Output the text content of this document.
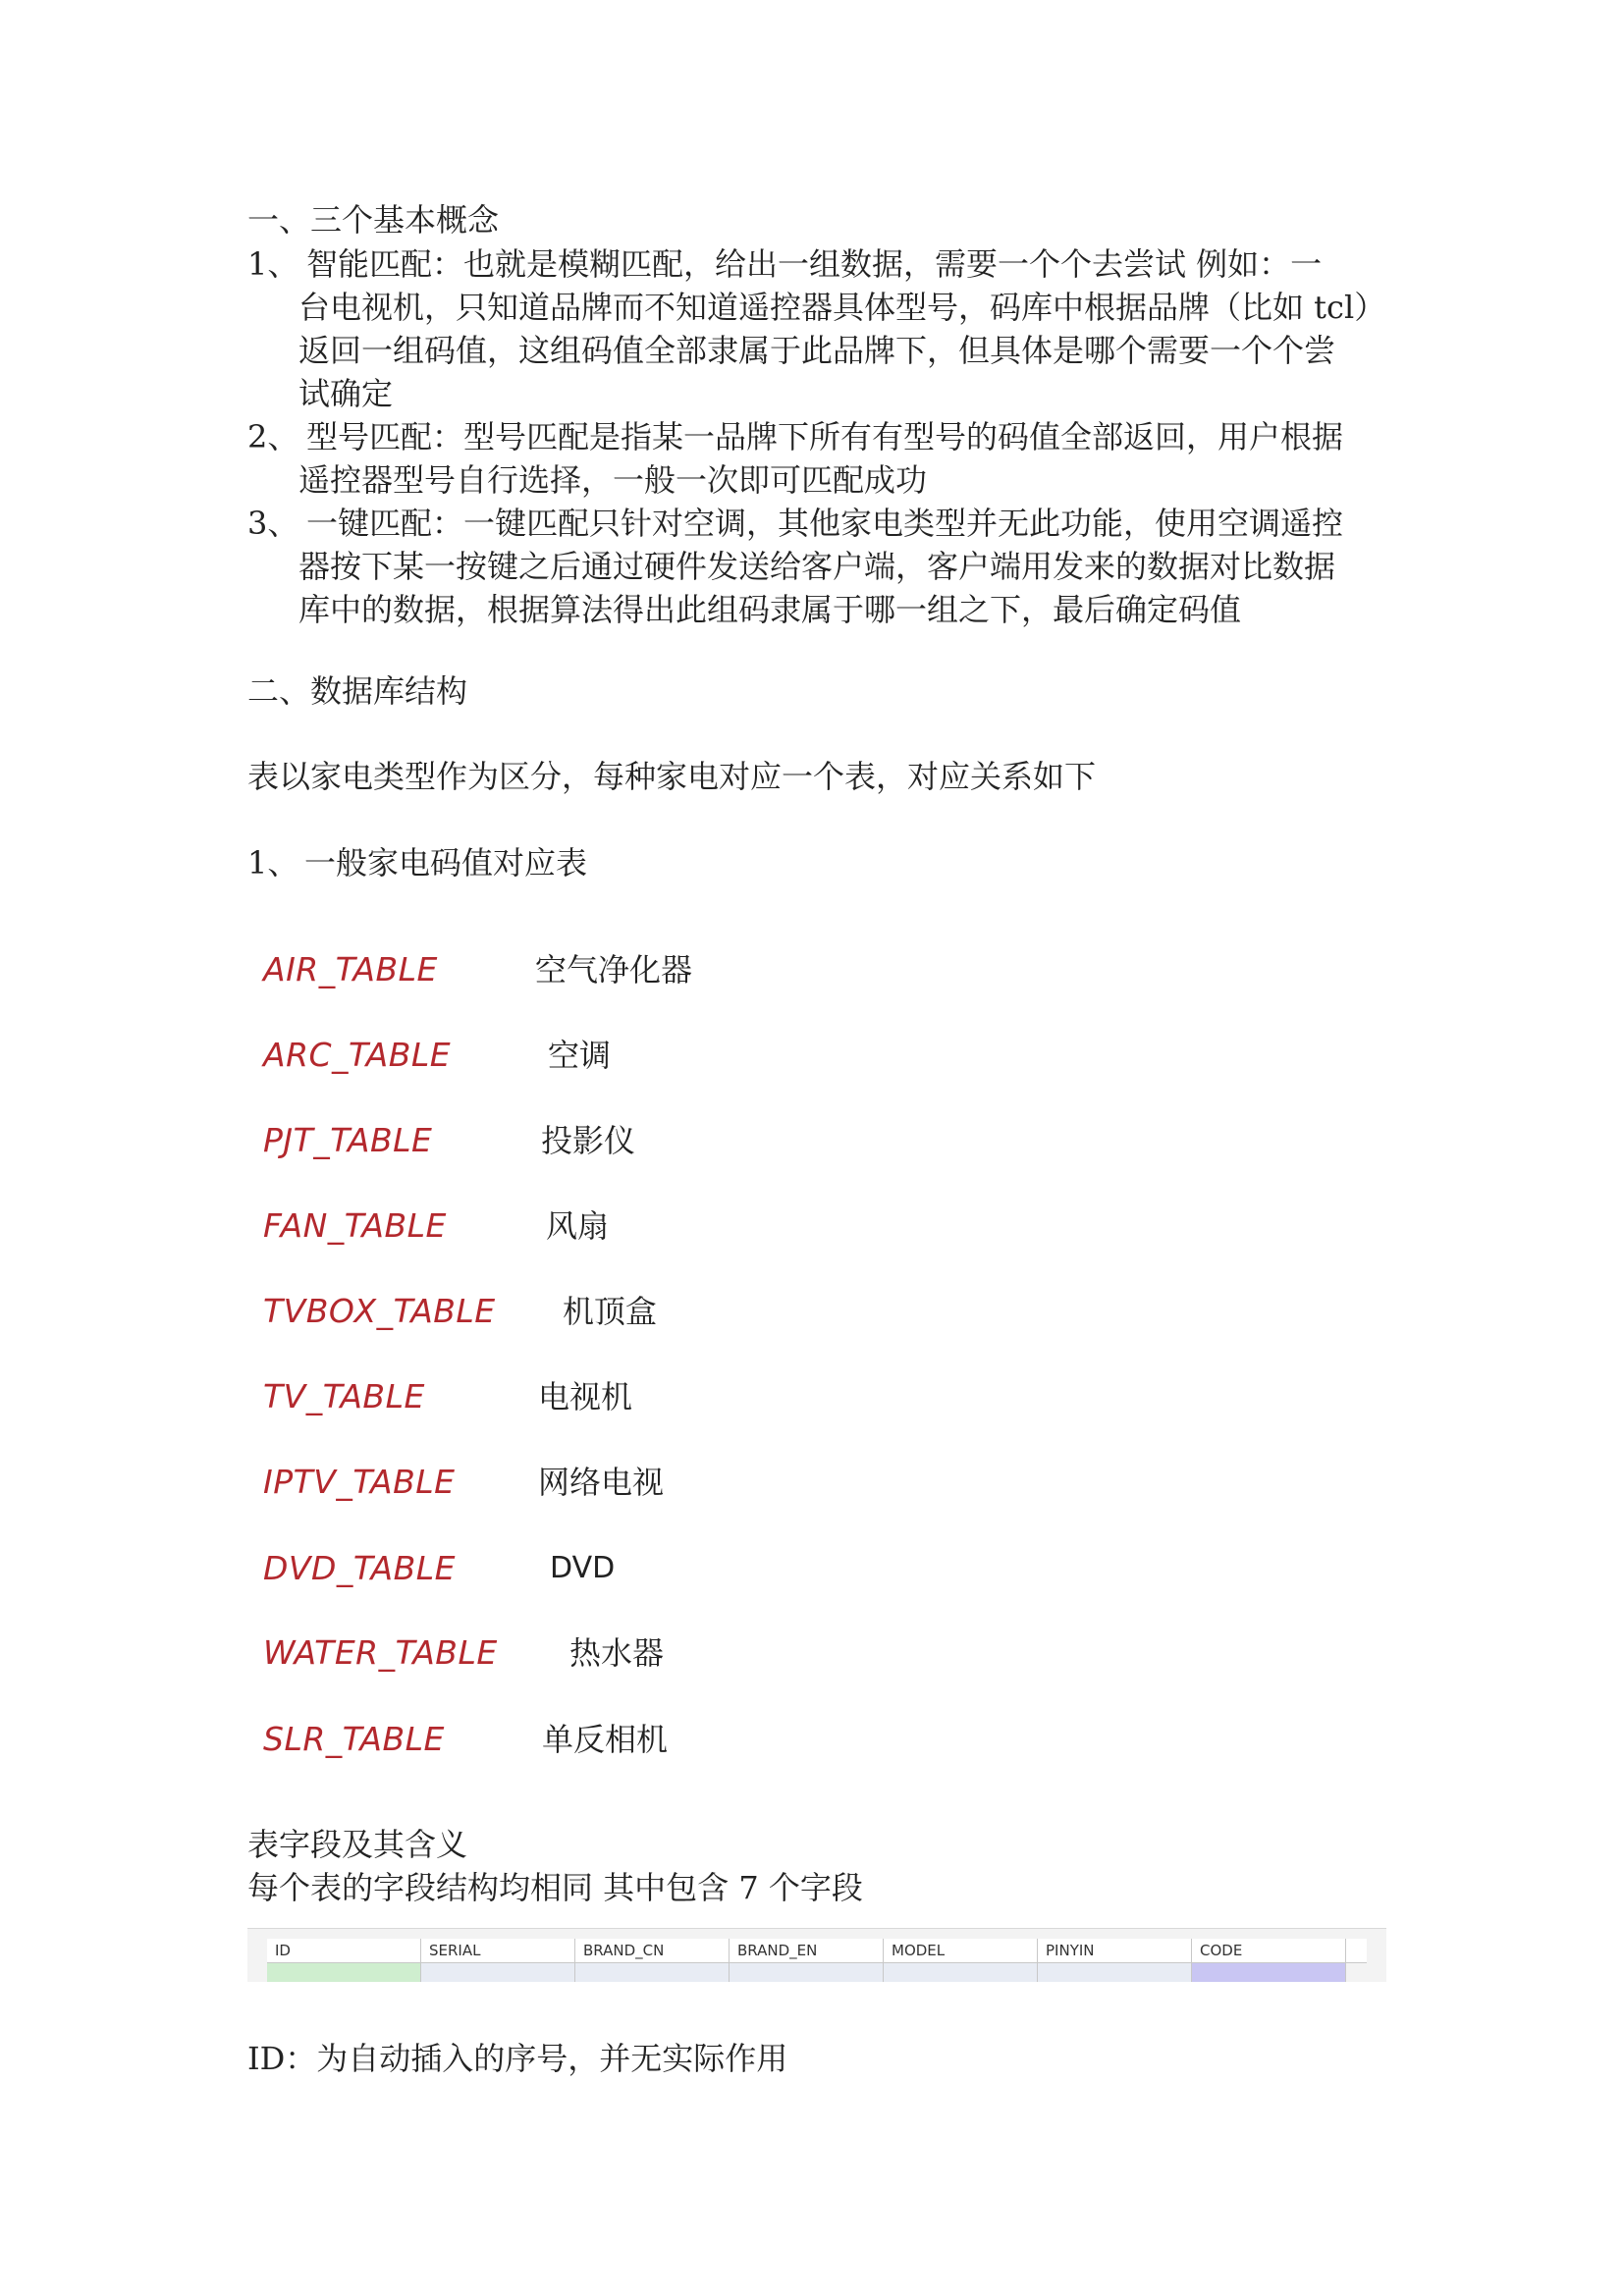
一、三个基本概念

1、 智能匹配：也就是模糊匹配，给出一组数据，需要一个个去尝试 例如：一
台电视机，只知道品牌而不知道遥控器具体型号，码库中根据品牌（比如 tcl）
返回一组码值，这组码值全部隶属于此品牌下，但具体是哪个需要一个个尝
试确定
2、 型号匹配：型号匹配是指某一品牌下所有有型号的码值全部返回，用户根据
遥控器型号自行选择，一般一次即可匹配成功
3、 一键匹配：一键匹配只针对空调，其他家电类型并无此功能，使用空调遥控
器按下某一按键之后通过硬件发送给客户端，客户端用发来的数据对比数据
库中的数据，根据算法得出此组码隶属于哪一组之下，最后确定码值

二、数据库结构

表以家电类型作为区分，每种家电对应一个表，对应关系如下

1、 一般家电码值对应表
AIR_TABLE	空气净化器
ARC_TABLE	空调
PJT_TABLE	投影仪
FAN_TABLE	风扇
TVBOX_TABLE 机顶盒
TV_TABLE	电视机
IPTV_TABLE	网络电视
DVD_TABLE	DVD
WATER_TABLE 热水器
SLR_TABLE	单反相机

表字段及其含义

每个表的字段结构均相同 其中包含 7 个字段

ID	SERIAL	BRAND_CN	BRAND_EN	MODEL	PINYIN	CODE

ID：为自动插入的序号，并无实际作用
